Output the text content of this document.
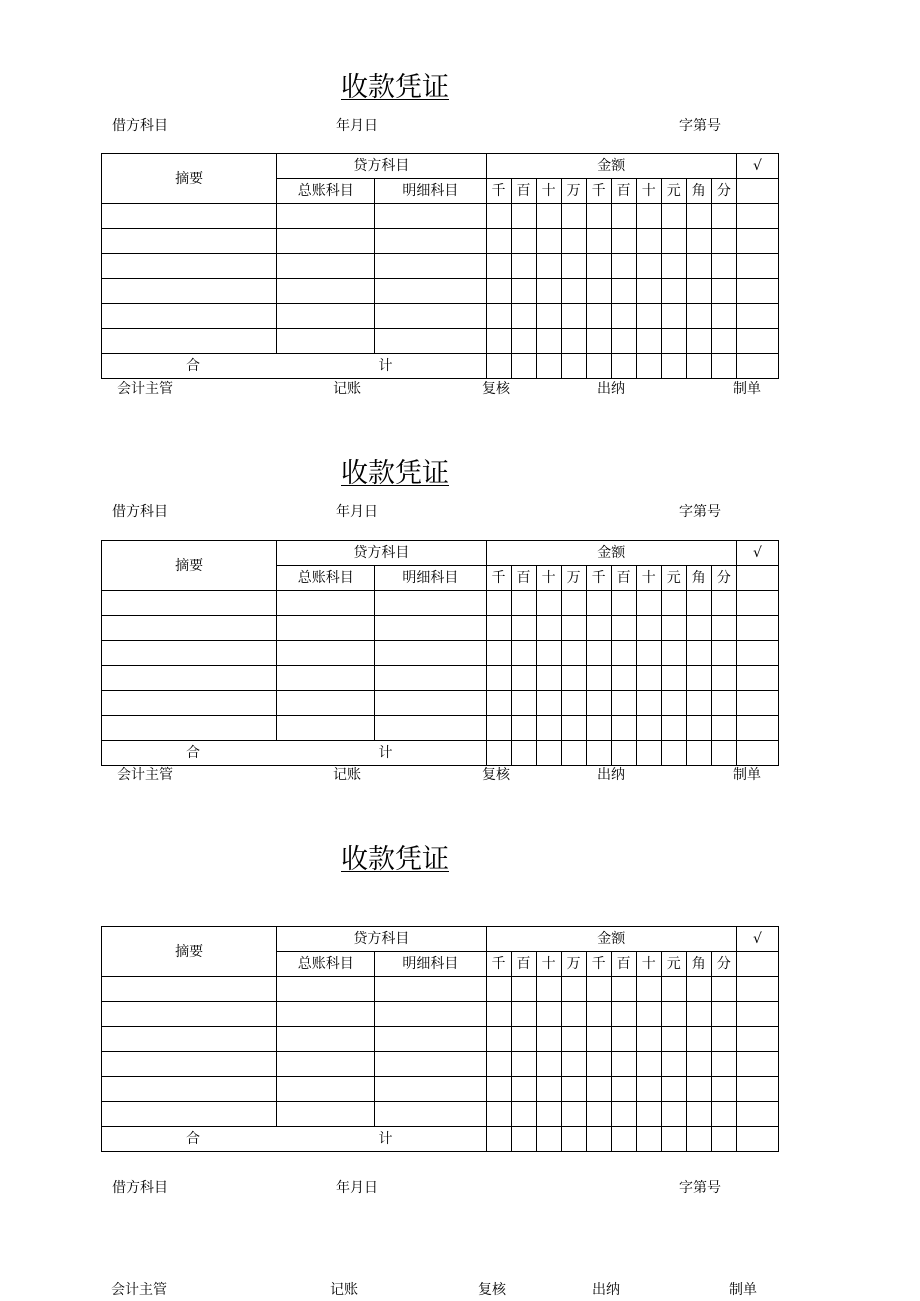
收款凭证
借方科目	年月日	字第号
摘要	贷方科目		金额										√
	总账科目	明细科目	千	百	十	万	千	百	十	元	角	分	

合 计													
会计主管	记账	复核	出纳	制单
收款凭证
借方科目	年月日	字第号
摘要	贷方科目		金额										√
	总账科目	明细科目	千	百	十	万	千	百	十	元	角	分	

合 计													
会计主管	记账	复核	出纳	制单
收款凭证
摘要	贷方科目		金额										√
	总账科目	明细科目	千	百	十	万	千	百	十	元	角	分	

合 计													
借方科目	年月日	字第号
会计主管	记账	复核	出纳	制单
